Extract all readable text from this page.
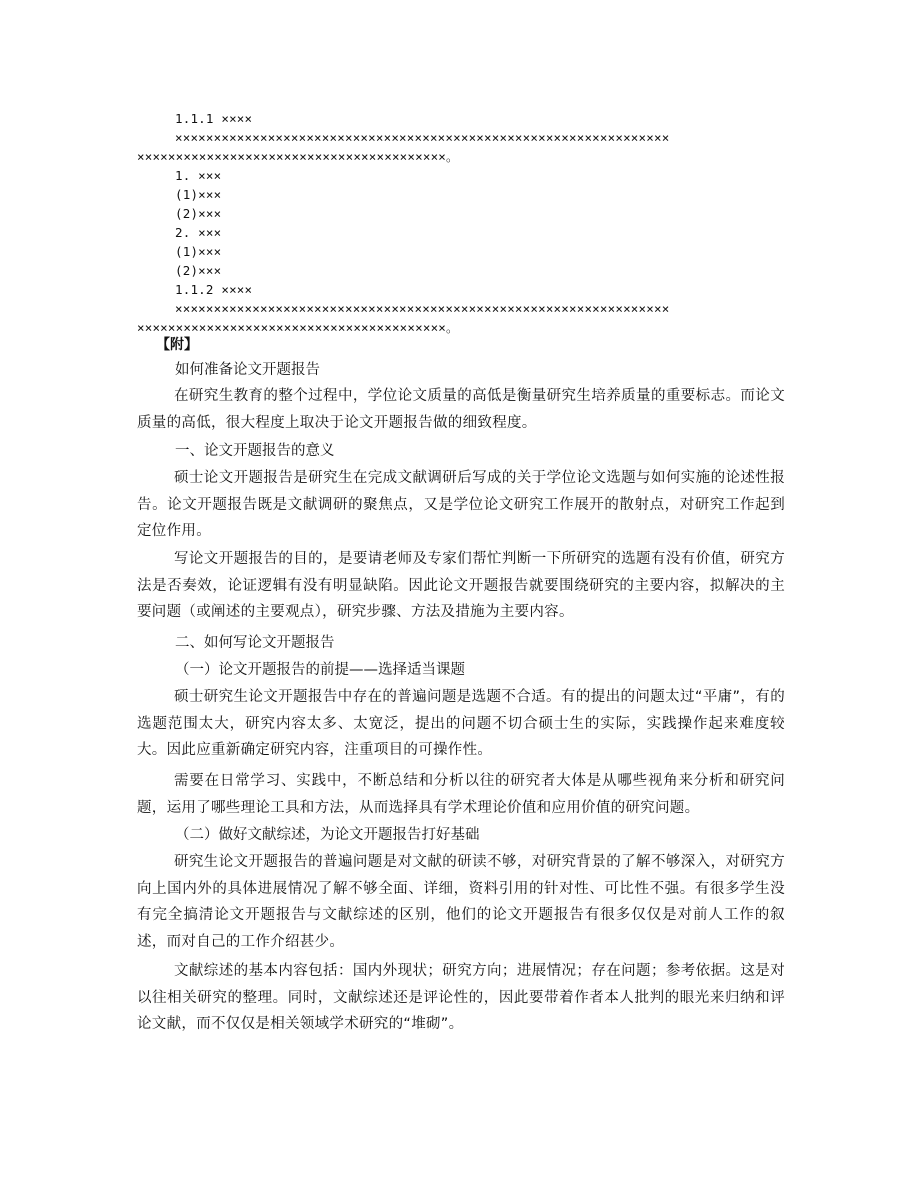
1.1.1 ××××
××××××××××××××××××××××××××××××××××××××××××××××××××××××××××××××××
××××××××××××××××××××××××××××××××××××××××。
1. ×××
(1)×××
(2)×××
2. ×××
(1)×××
(2)×××
1.1.2 ××××
××××××××××××××××××××××××××××××××××××××××××××××××××××××××××××××××
××××××××××××××××××××××××××××××××××××××××。
【附】
如何准备论文开题报告
在研究生教育的整个过程中，学位论文质量的高低是衡量研究生培养质量的重要标志。而论文质量的高低，很大程度上取决于论文开题报告做的细致程度。
一、论文开题报告的意义
硕士论文开题报告是研究生在完成文献调研后写成的关于学位论文选题与如何实施的论述性报告。论文开题报告既是文献调研的聚焦点，又是学位论文研究工作展开的散射点，对研究工作起到定位作用。
写论文开题报告的目的，是要请老师及专家们帮忙判断一下所研究的选题有没有价值，研究方法是否奏效，论证逻辑有没有明显缺陷。因此论文开题报告就要围绕研究的主要内容，拟解决的主要问题（或阐述的主要观点），研究步骤、方法及措施为主要内容。
二、如何写论文开题报告
（一）论文开题报告的前提——选择适当课题
硕士研究生论文开题报告中存在的普遍问题是选题不合适。有的提出的问题太过“平庸”，有的选题范围太大，研究内容太多、太宽泛，提出的问题不切合硕士生的实际，实践操作起来难度较大。因此应重新确定研究内容，注重项目的可操作性。
需要在日常学习、实践中，不断总结和分析以往的研究者大体是从哪些视角来分析和研究问题，运用了哪些理论工具和方法，从而选择具有学术理论价值和应用价值的研究问题。
（二）做好文献综述，为论文开题报告打好基础
研究生论文开题报告的普遍问题是对文献的研读不够，对研究背景的了解不够深入，对研究方向上国内外的具体进展情况了解不够全面、详细，资料引用的针对性、可比性不强。有很多学生没有完全搞清论文开题报告与文献综述的区别，他们的论文开题报告有很多仅仅是对前人工作的叙述，而对自己的工作介绍甚少。
文献综述的基本内容包括：国内外现状；研究方向；进展情况；存在问题；参考依据。这是对以往相关研究的整理。同时，文献综述还是评论性的，因此要带着作者本人批判的眼光来归纳和评论文献，而不仅仅是相关领域学术研究的“堆砌”。
